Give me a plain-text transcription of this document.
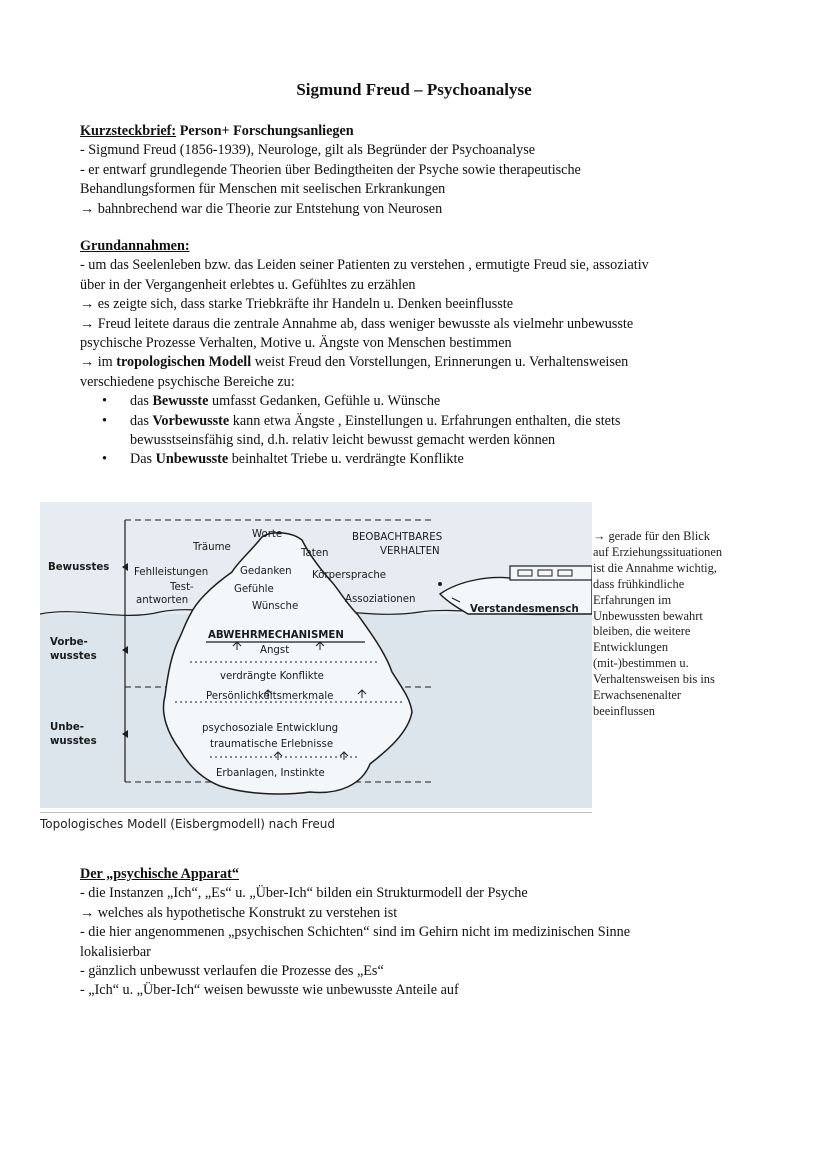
Sigmund Freud – Psychoanalyse
Kurzsteckbrief: Person+ Forschungsanliegen
- Sigmund Freud (1856-1939), Neurologe, gilt als Begründer der Psychoanalyse
- er entwarf grundlegende Theorien über Bedingtheiten der Psyche sowie therapeutische
Behandlungsformen für Menschen mit seelischen Erkrankungen
→ bahnbrechend war die Theorie zur Entstehung von Neurosen
Grundannahmen:
- um das Seelenleben bzw. das Leiden seiner Patienten zu verstehen , ermutigte Freud sie, assoziativ
über in der Vergangenheit erlebtes u. Gefühltes zu erzählen
→ es zeigte sich, dass starke Triebkräfte ihr Handeln u. Denken beeinflusste
→ Freud leitete daraus die zentrale Annahme ab, dass weniger bewusste als vielmehr unbewusste
psychische Prozesse Verhalten, Motive u. Ängste von Menschen bestimmen
→ im tropologischen Modell weist Freud den Vorstellungen, Erinnerungen u. Verhaltensweisen
verschiedene psychische Bereiche zu:
• das Bewusste umfasst Gedanken, Gefühle u. Wünsche
• das Vorbewusste kann etwa Ängste , Einstellungen u. Erfahrungen enthalten, die stets
bewusstseinsfähig sind, d.h. relativ leicht bewusst gemacht werden können
• Das Unbewusste beinhaltet Triebe u. verdrängte Konflikte
Bewusstes
Vorbe-
wusstes
Unbe-
wusstes
Worte
Träume
Taten
BEOBACHTBARES
VERHALTEN
Fehlleistungen	Gedanken Körpersprache
Test-
antworten
Gefühle
Assoziationen
Wünsche	Verstandesmensch
ABWEHRMECHANISMEN
Angst
verdrängte Konflikte
Persönlichkeitsmerkmale
psychosoziale Entwicklung
traumatische Erlebnisse
Erbanlagen, Instinkte
Topologisches Modell (Eisbergmodell) nach Freud
→ gerade für den Blick
auf Erziehungssituationen
ist die Annahme wichtig,
dass frühkindliche
Erfahrungen im
Unbewussten bewahrt
bleiben, die weitere
Entwicklungen
(mit-)bestimmen u.
Verhaltensweisen bis ins
Erwachsenenalter
beeinflussen
Der „psychische Apparat“
- die Instanzen „Ich“, „Es“ u. „Über-Ich“ bilden ein Strukturmodell der Psyche
→ welches als hypothetische Konstrukt zu verstehen ist
- die hier angenommenen „psychischen Schichten“ sind im Gehirn nicht im medizinischen Sinne
lokalisierbar
- gänzlich unbewusst verlaufen die Prozesse des „Es“
- „Ich“ u. „Über-Ich“ weisen bewusste wie unbewusste Anteile auf
